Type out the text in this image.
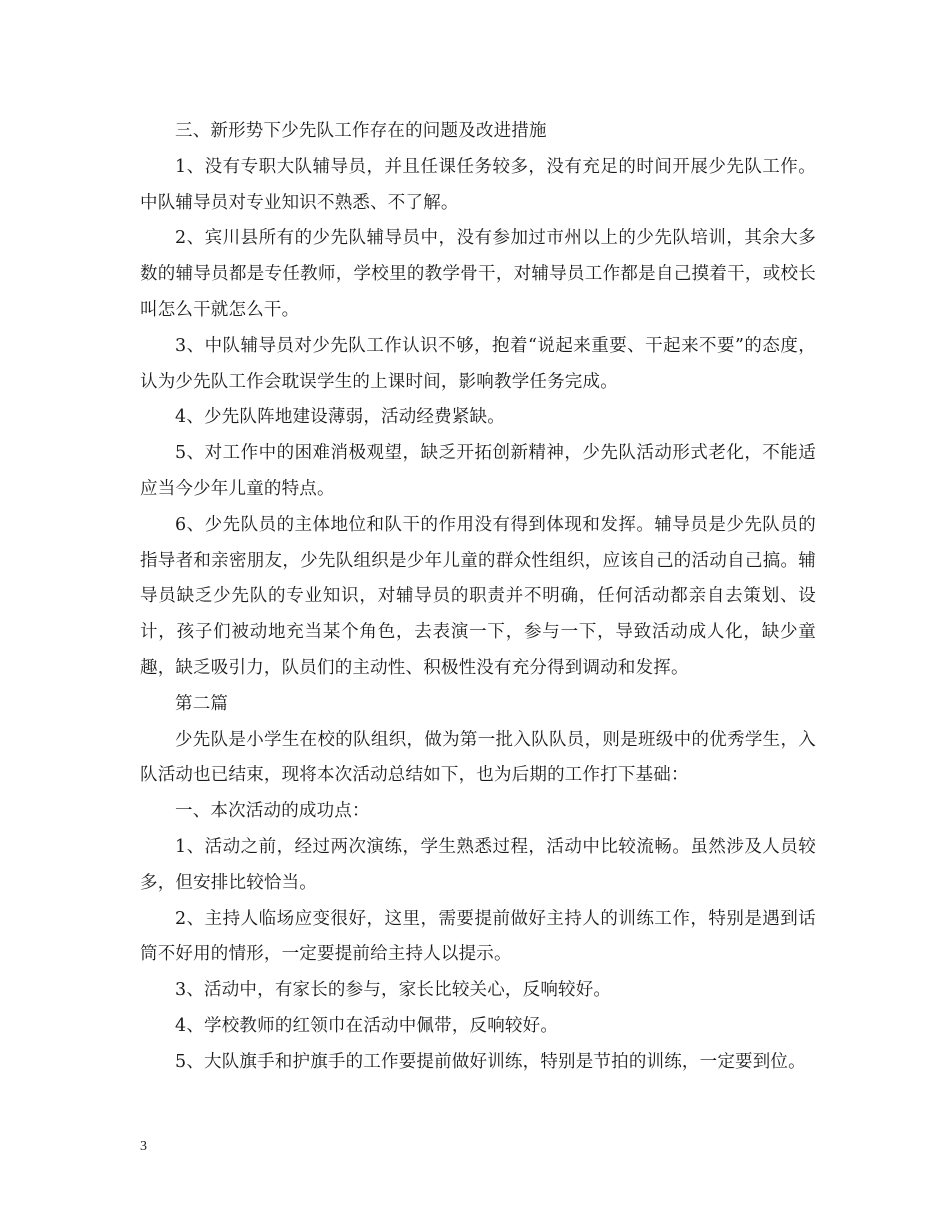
三、新形势下少先队工作存在的问题及改进措施

1、没有专职大队辅导员，并且任课任务较多，没有充足的时间开展少先队工作。中队辅导员对专业知识不熟悉、不了解。

2、宾川县所有的少先队辅导员中，没有参加过市州以上的少先队培训，其余大多数的辅导员都是专任教师，学校里的教学骨干，对辅导员工作都是自己摸着干，或校长叫怎么干就怎么干。

3、中队辅导员对少先队工作认识不够，抱着“说起来重要、干起来不要”的态度，认为少先队工作会耽误学生的上课时间，影响教学任务完成。

4、少先队阵地建设薄弱，活动经费紧缺。

5、对工作中的困难消极观望，缺乏开拓创新精神，少先队活动形式老化，不能适应当今少年儿童的特点。

6、少先队员的主体地位和队干的作用没有得到体现和发挥。辅导员是少先队员的指导者和亲密朋友，少先队组织是少年儿童的群众性组织，应该自己的活动自己搞。辅导员缺乏少先队的专业知识，对辅导员的职责并不明确，任何活动都亲自去策划、设计，孩子们被动地充当某个角色，去表演一下，参与一下，导致活动成人化，缺少童趣，缺乏吸引力，队员们的主动性、积极性没有充分得到调动和发挥。

第二篇

少先队是小学生在校的队组织，做为第一批入队队员，则是班级中的优秀学生，入队活动也已结束，现将本次活动总结如下，也为后期的工作打下基础：

一、本次活动的成功点：

1、活动之前，经过两次演练，学生熟悉过程，活动中比较流畅。虽然涉及人员较多，但安排比较恰当。

2、主持人临场应变很好，这里，需要提前做好主持人的训练工作，特别是遇到话筒不好用的情形，一定要提前给主持人以提示。

3、活动中，有家长的参与，家长比较关心，反响较好。

4、学校教师的红领巾在活动中佩带，反响较好。

5、大队旗手和护旗手的工作要提前做好训练，特别是节拍的训练，一定要到位。

3
